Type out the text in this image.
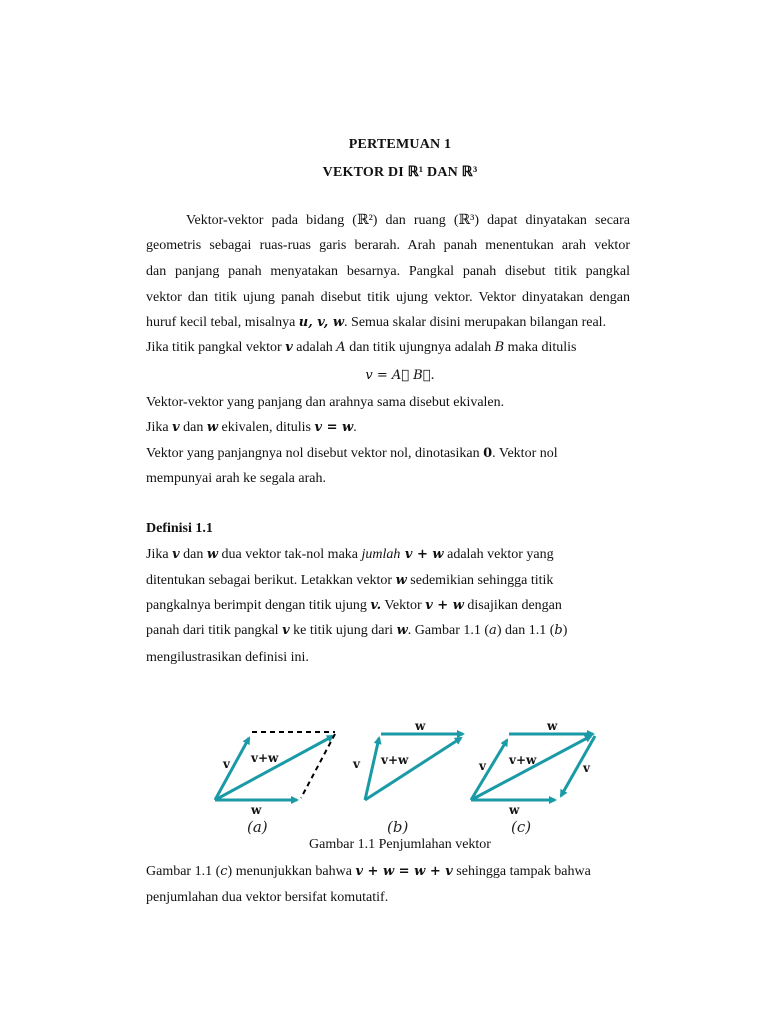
PERTEMUAN 1
VEKTOR DI ℝ¹ DAN ℝ³
Vektor-vektor pada bidang (ℝ²) dan ruang (ℝ³) dapat dinyatakan secara
geometris sebagai ruas-ruas garis berarah. Arah panah menentukan arah vektor
dan panjang panah menyatakan besarnya. Pangkal panah disebut titik pangkal
vektor dan titik ujung panah disebut titik ujung vektor. Vektor dinyatakan dengan
huruf kecil tebal, misalnya u, v, w. Semua skalar disini merupakan bilangan real.
Jika titik pangkal vektor v adalah A dan titik ujungnya adalah B maka ditulis
v = A⃗ B⃗.
Vektor-vektor yang panjang dan arahnya sama disebut ekivalen.
Jika v dan w ekivalen, ditulis v = w.
Vektor yang panjangnya nol disebut vektor nol, dinotasikan 0. Vektor nol
mempunyai arah ke segala arah.
Definisi 1.1
Jika v dan w dua vektor tak-nol maka jumlah v + w adalah vektor yang
ditentukan sebagai berikut. Letakkan vektor w sedemikian sehingga titik
pangkalnya berimpit dengan titik ujung v. Vektor v + w disajikan dengan
panah dari titik pangkal v ke titik ujung dari w. Gambar 1.1 (a) dan 1.1 (b)
mengilustrasikan definisi ini.
v v+w
w
v v+w
w
v v+w
w
v
w
(a)	(b)	(c)
Gambar 1.1 Penjumlahan vektor
Gambar 1.1 (c) menunjukkan bahwa v + w = w + v sehingga tampak bahwa
penjumlahan dua vektor bersifat komutatif.
